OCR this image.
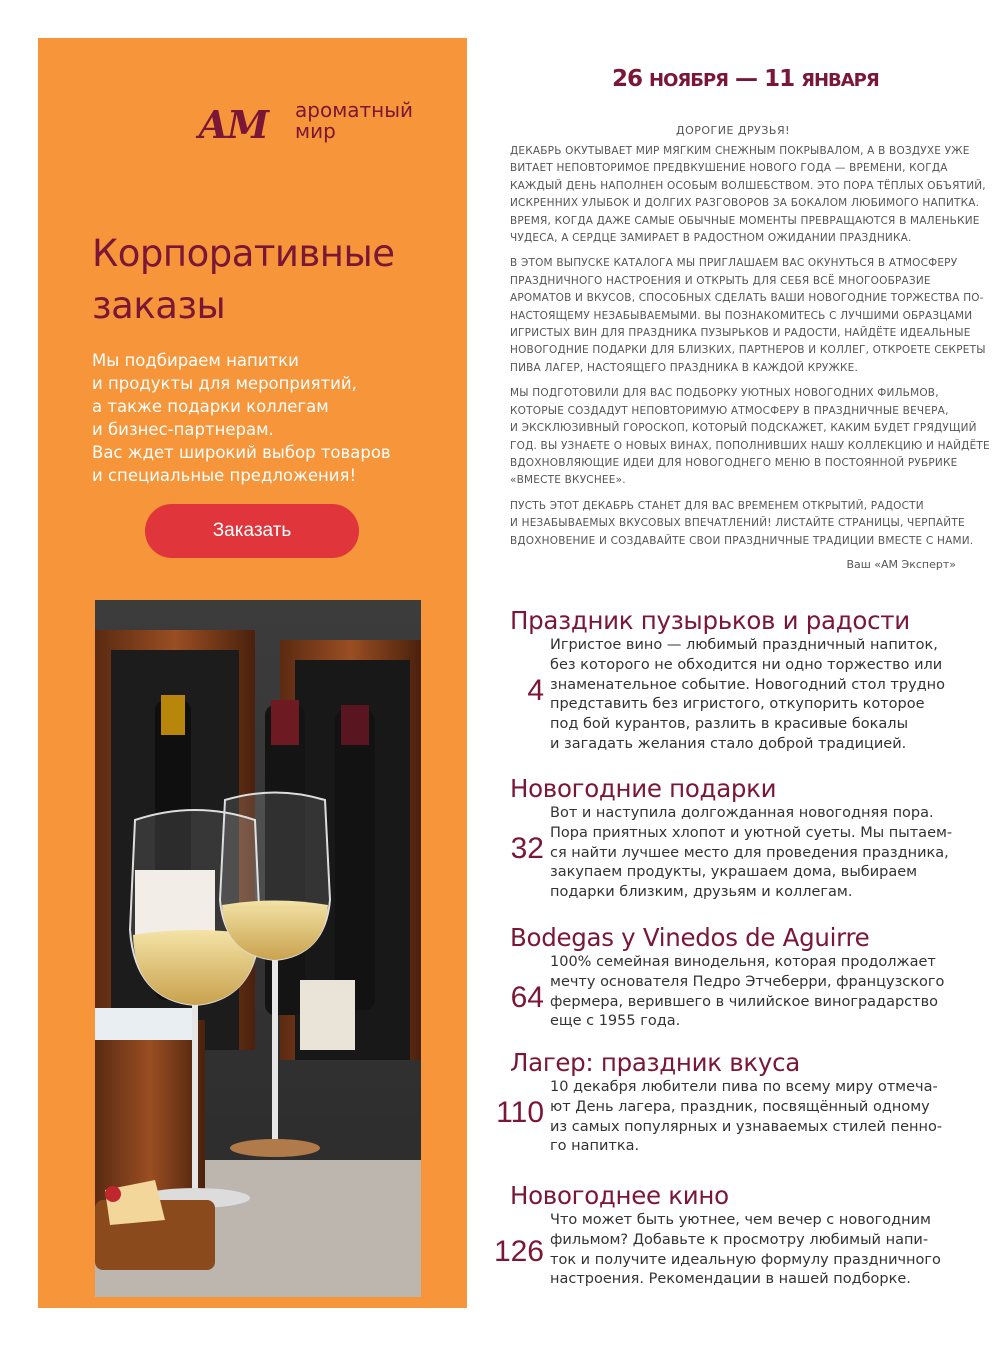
АМ ароматный
мир
Корпоративные
заказы
Мы подбираем напитки
и продукты для мероприятий,
а также подарки коллегам
и бизнес-партнерам.
Вас ждет широкий выбор товаров
и специальные предложения!
Заказать
26 НОЯБРЯ — 11 ЯНВАРЯ
ДОРОГИЕ ДРУЗЬЯ!

ДЕКАБРЬ ОКУТЫВАЕТ МИР МЯГКИМ СНЕЖНЫМ ПОКРЫВАЛОМ, А В ВОЗДУХЕ УЖЕ
ВИТАЕТ НЕПОВТОРИМОЕ ПРЕДВКУШЕНИЕ НОВОГО ГОДА — ВРЕМЕНИ, КОГДА
КАЖДЫЙ ДЕНЬ НАПОЛНЕН ОСОБЫМ ВОЛШЕБСТВОМ. ЭТО ПОРА ТЁПЛЫХ ОБЪЯТИЙ,
ИСКРЕННИХ УЛЫБОК И ДОЛГИХ РАЗГОВОРОВ ЗА БОКАЛОМ ЛЮБИМОГО НАПИТКА.
ВРЕМЯ, КОГДА ДАЖЕ САМЫЕ ОБЫЧНЫЕ МОМЕНТЫ ПРЕВРАЩАЮТСЯ В МАЛЕНЬКИЕ
ЧУДЕСА, А СЕРДЦЕ ЗАМИРАЕТ В РАДОСТНОМ ОЖИДАНИИ ПРАЗДНИКА.

В ЭТОМ ВЫПУСКЕ КАТАЛОГА МЫ ПРИГЛАШАЕМ ВАС ОКУНУТЬСЯ В АТМОСФЕРУ
ПРАЗДНИЧНОГО НАСТРОЕНИЯ И ОТКРЫТЬ ДЛЯ СЕБЯ ВСЁ МНОГООБРАЗИЕ
АРОМАТОВ И ВКУСОВ, СПОСОБНЫХ СДЕЛАТЬ ВАШИ НОВОГОДНИЕ ТОРЖЕСТВА ПО-
НАСТОЯЩЕМУ НЕЗАБЫВАЕМЫМИ. ВЫ ПОЗНАКОМИТЕСЬ С ЛУЧШИМИ ОБРАЗЦАМИ
ИГРИСТЫХ ВИН ДЛЯ ПРАЗДНИКА ПУЗЫРЬКОВ И РАДОСТИ, НАЙДЁТЕ ИДЕАЛЬНЫЕ
НОВОГОДНИЕ ПОДАРКИ ДЛЯ БЛИЗКИХ, ПАРТНЕРОВ И КОЛЛЕГ, ОТКРОЕТЕ СЕКРЕТЫ
ПИВА ЛАГЕР, НАСТОЯЩЕГО ПРАЗДНИКА В КАЖДОЙ КРУЖКЕ.

МЫ ПОДГОТОВИЛИ ДЛЯ ВАС ПОДБОРКУ УЮТНЫХ НОВОГОДНИХ ФИЛЬМОВ,
КОТОРЫЕ СОЗДАДУТ НЕПОВТОРИМУЮ АТМОСФЕРУ В ПРАЗДНИЧНЫЕ ВЕЧЕРА,
И ЭКСКЛЮЗИВНЫЙ ГОРОСКОП, КОТОРЫЙ ПОДСКАЖЕТ, КАКИМ БУДЕТ ГРЯДУЩИЙ
ГОД. ВЫ УЗНАЕТЕ О НОВЫХ ВИНАХ, ПОПОЛНИВШИХ НАШУ КОЛЛЕКЦИЮ И НАЙДЁТЕ
ВДОХНОВЛЯЮЩИЕ ИДЕИ ДЛЯ НОВОГОДНЕГО МЕНЮ В ПОСТОЯННОЙ РУБРИКЕ
«ВМЕСТЕ ВКУСНЕЕ».

ПУСТЬ ЭТОТ ДЕКАБРЬ СТАНЕТ ДЛЯ ВАС ВРЕМЕНЕМ ОТКРЫТИЙ, РАДОСТИ
И НЕЗАБЫВАЕМЫХ ВКУСОВЫХ ВПЕЧАТЛЕНИЙ! ЛИСТАЙТЕ СТРАНИЦЫ, ЧЕРПАЙТЕ
ВДОХНОВЕНИЕ И СОЗДАВАЙТЕ СВОИ ПРАЗДНИЧНЫЕ ТРАДИЦИИ ВМЕСТЕ С НАМИ.

Ваш «АМ Эксперт»
Праздник пузырьков и радости
4
Игристое вино — любимый праздничный напиток,
без которого не обходится ни одно торжество или
знаменательное событие. Новогодний стол трудно
представить без игристого, откупорить которое
под бой курантов, разлить в красивые бокалы
и загадать желания стало доброй традицией.
Новогодние подарки
32
Вот и наступила долгожданная новогодняя пора.
Пора приятных хлопот и уютной суеты. Мы пытаем-
ся найти лучшее место для проведения праздника,
закупаем продукты, украшаем дома, выбираем
подарки близким, друзьям и коллегам.
Bodegas y Vinedos de Aguirre
64
100% семейная винодельня, которая продолжает
мечту основателя Педро Этчеберри, французского
фермера, верившего в чилийское виноградарство
еще с 1955 года.
Лагер: праздник вкуса
110
10 декабря любители пива по всему миру отмеча-
ют День лагера, праздник, посвящённый одному
из самых популярных и узнаваемых стилей пенно-
го напитка.
Новогоднее кино
126
Что может быть уютнее, чем вечер с новогодним
фильмом? Добавьте к просмотру любимый напи-
ток и получите идеальную формулу праздничного
настроения. Рекомендации в нашей подборке.
